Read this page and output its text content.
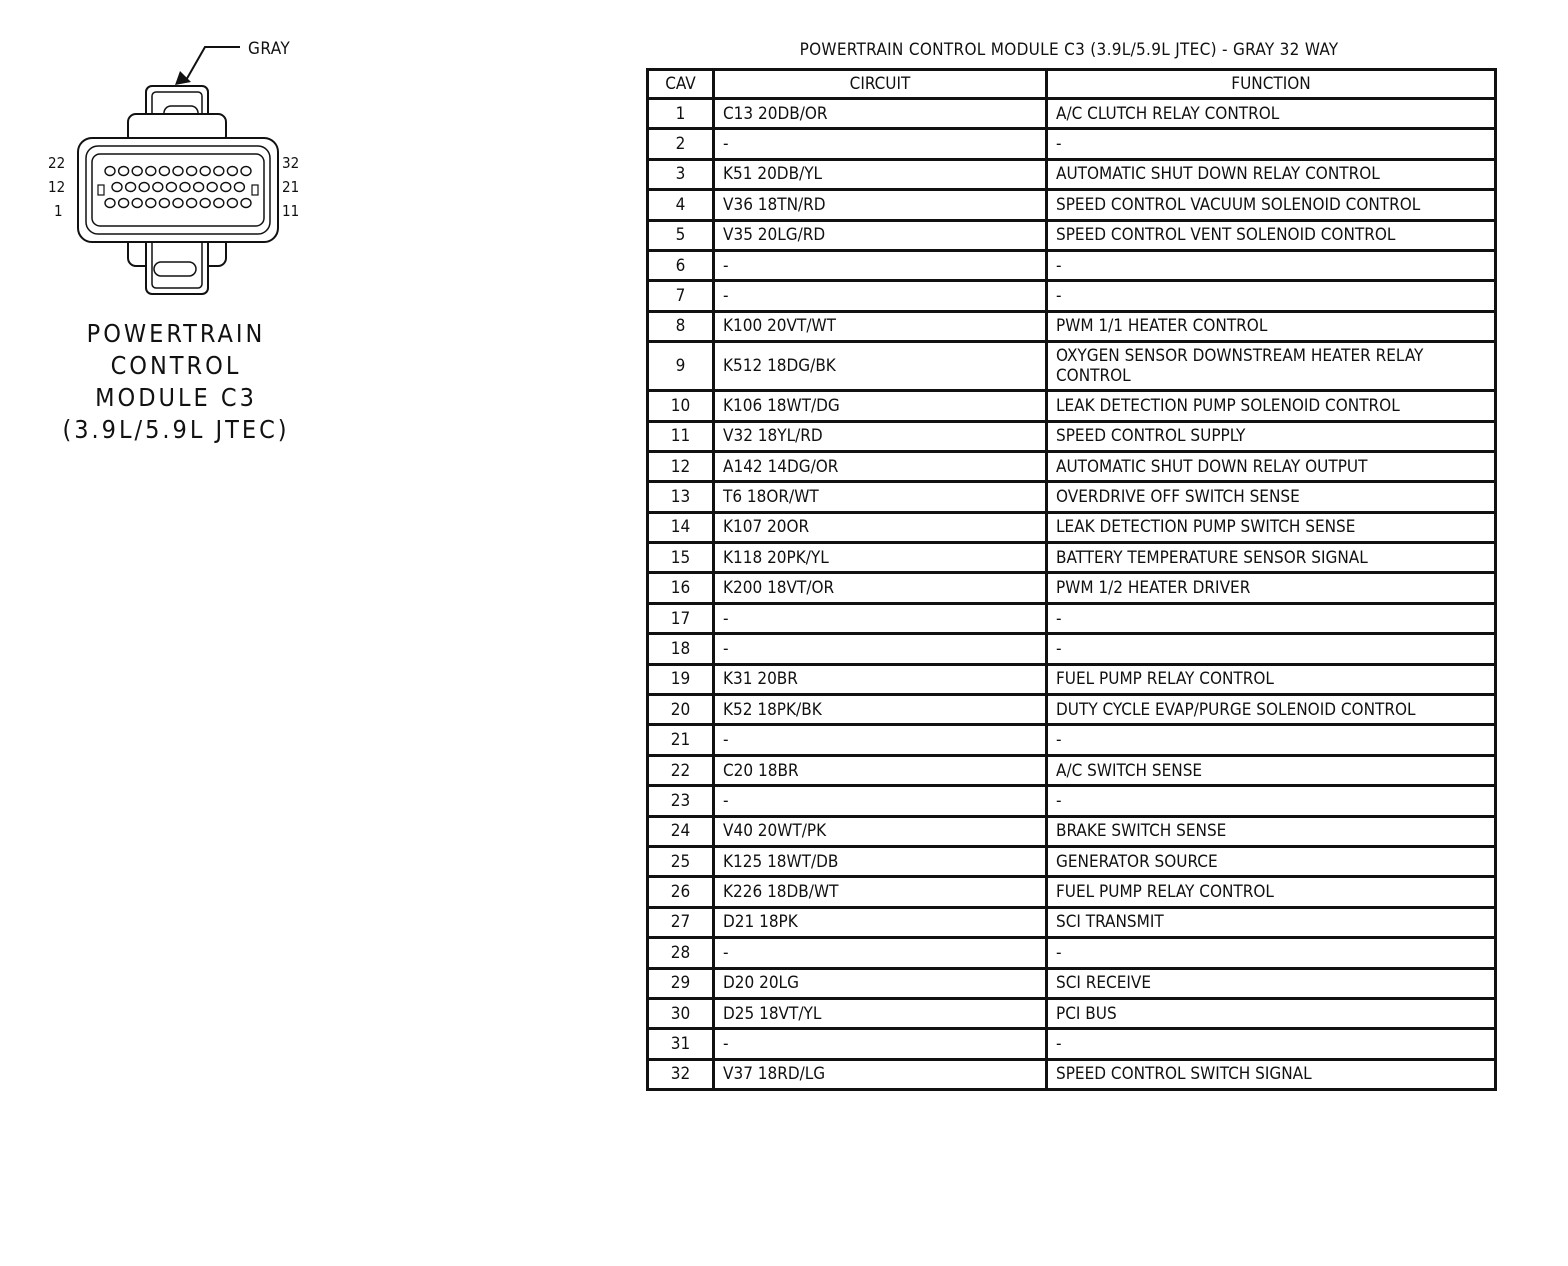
GRAY
22
12
1
32
21
11
POWERTRAIN
CONTROL
MODULE C3
(3.9L/5.9L JTEC)
POWERTRAIN CONTROL MODULE C3 (3.9L/5.9L JTEC) - GRAY 32 WAY
CAV	CIRCUIT	FUNCTION
1	C13 20DB/OR	A/C CLUTCH RELAY CONTROL
2	-	-
3	K51 20DB/YL	AUTOMATIC SHUT DOWN RELAY CONTROL
4	V36 18TN/RD	SPEED CONTROL VACUUM SOLENOID CONTROL
5	V35 20LG/RD	SPEED CONTROL VENT SOLENOID CONTROL
6	-	-
7	-	-
8	K100 20VT/WT	PWM 1/1 HEATER CONTROL
9	K512 18DG/BK	OXYGEN SENSOR DOWNSTREAM HEATER RELAY CONTROL
10	K106 18WT/DG	LEAK DETECTION PUMP SOLENOID CONTROL
11	V32 18YL/RD	SPEED CONTROL SUPPLY
12	A142 14DG/OR	AUTOMATIC SHUT DOWN RELAY OUTPUT
13	T6 18OR/WT	OVERDRIVE OFF SWITCH SENSE
14	K107 20OR	LEAK DETECTION PUMP SWITCH SENSE
15	K118 20PK/YL	BATTERY TEMPERATURE SENSOR SIGNAL
16	K200 18VT/OR	PWM 1/2 HEATER DRIVER
17	-	-
18	-	-
19	K31 20BR	FUEL PUMP RELAY CONTROL
20	K52 18PK/BK	DUTY CYCLE EVAP/PURGE SOLENOID CONTROL
21	-	-
22	C20 18BR	A/C SWITCH SENSE
23	-	-
24	V40 20WT/PK	BRAKE SWITCH SENSE
25	K125 18WT/DB	GENERATOR SOURCE
26	K226 18DB/WT	FUEL PUMP RELAY CONTROL
27	D21 18PK	SCI TRANSMIT
28	-	-
29	D20 20LG	SCI RECEIVE
30	D25 18VT/YL	PCI BUS
31	-	-
32	V37 18RD/LG	SPEED CONTROL SWITCH SIGNAL
